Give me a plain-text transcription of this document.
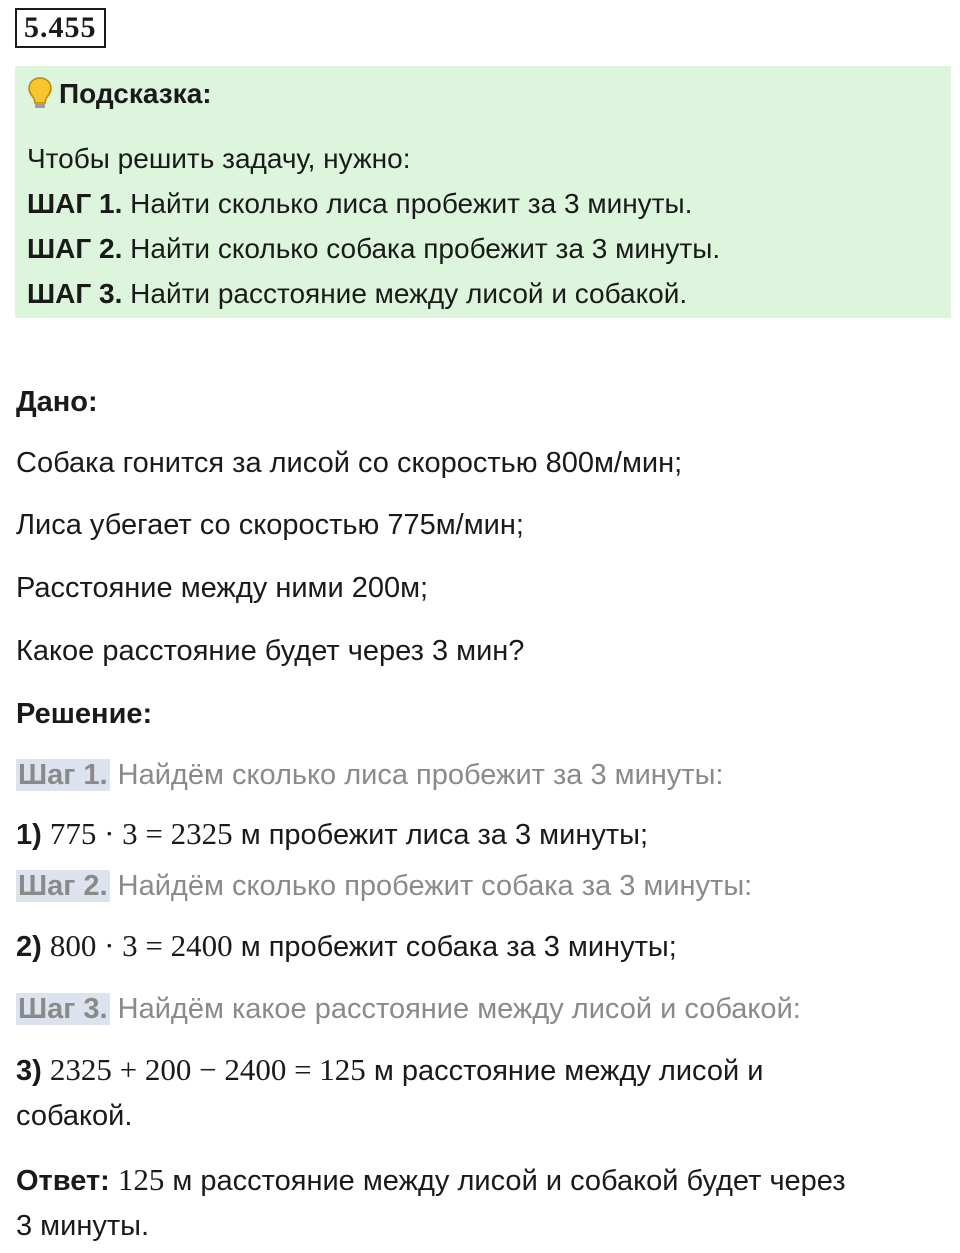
5.455
Подсказка:
Чтобы решить задачу, нужно:
ШАГ 1. Найти сколько лиса пробежит за 3 минуты.
ШАГ 2. Найти сколько собака пробежит за 3 минуты.
ШАГ 3. Найти расстояние между лисой и собакой.
Дано:
Собака гонится за лисой со скоростью 800м/мин;
Лиса убегает со скоростью 775м/мин;
Расстояние между ними 200м;
Какое расстояние будет через 3 мин?
Решение:
Шаг 1. Найдём сколько лиса пробежит за 3 минуты:
1) 775 · 3 = 2325 м пробежит лиса за 3 минуты;
Шаг 2. Найдём сколько пробежит собака за 3 минуты:
2) 800 · 3 = 2400 м пробежит собака за 3 минуты;
Шаг 3. Найдём какое расстояние между лисой и собакой:
3) 2325 + 200 − 2400 = 125 м расстояние между лисой и
собакой.
Ответ: 125 м расстояние между лисой и собакой будет через
3 минуты.
